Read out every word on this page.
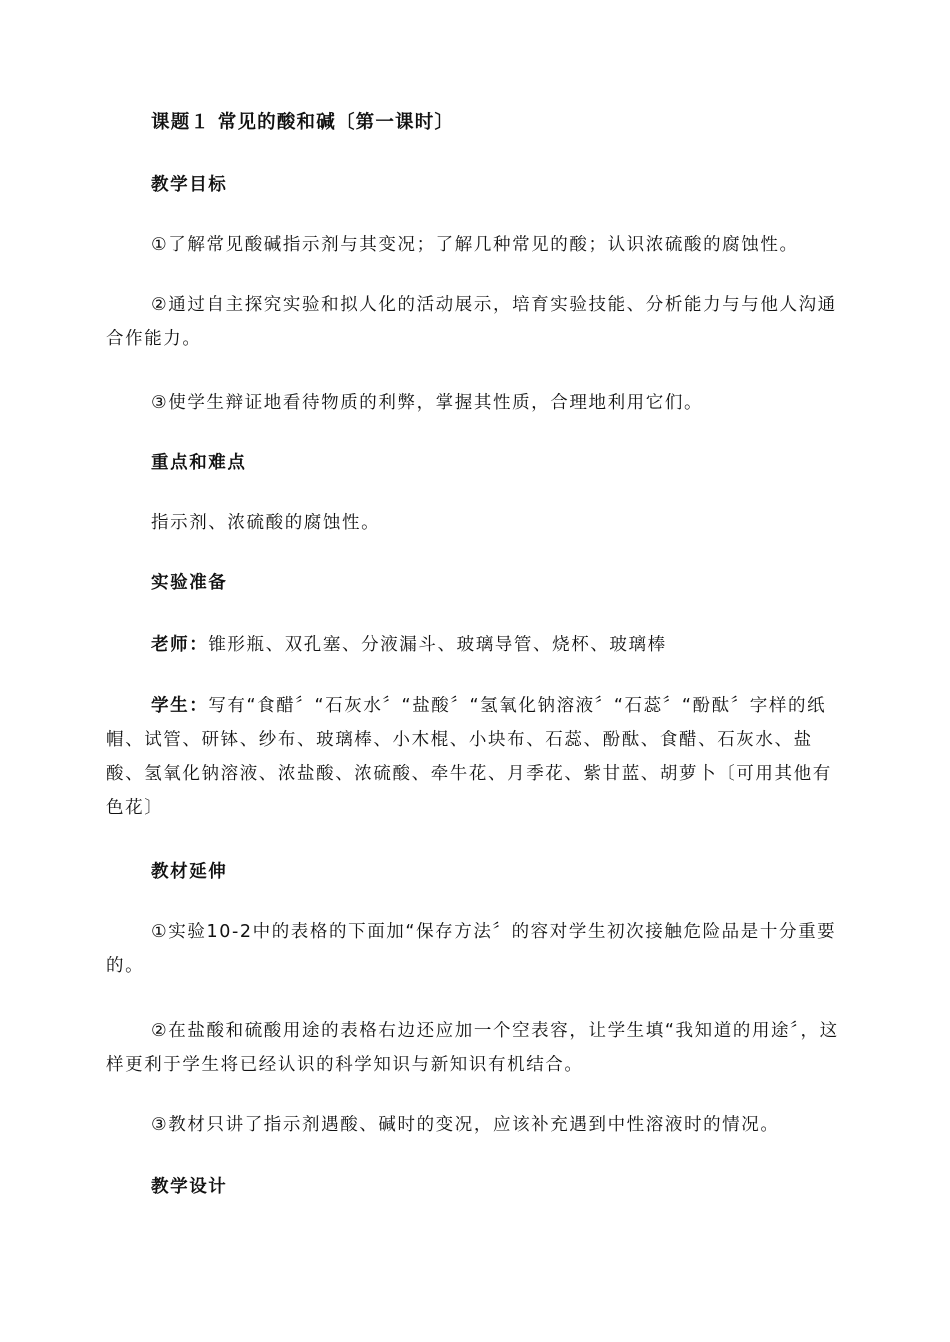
课题１ 常见的酸和碱〔第一课时〕
教学目标
①了解常见酸碱指示剂与其变况；了解几种常见的酸；认识浓硫酸的腐蚀性。
②通过自主探究实验和拟人化的活动展示，培育实验技能、分析能力与与他人沟通合作能力。
③使学生辩证地看待物质的利弊，掌握其性质，合理地利用它们。
重点和难点
指示剂、浓硫酸的腐蚀性。
实验准备
老师：锥形瓶、双孔塞、分液漏斗、玻璃导管、烧杯、玻璃棒
学生：写有“食醋〞“石灰水〞“盐酸〞“氢氧化钠溶液〞“石蕊〞“酚酞〞字样的纸帽、试管、研钵、纱布、玻璃棒、小木棍、小块布、石蕊、酚酞、食醋、石灰水、盐酸、氢氧化钠溶液、浓盐酸、浓硫酸、牵牛花、月季花、紫甘蓝、胡萝卜〔可用其他有色花〕
教材延伸
①实验10-2中的表格的下面加“保存方法〞的容对学生初次接触危险品是十分重要的。
②在盐酸和硫酸用途的表格右边还应加一个空表容，让学生填“我知道的用途〞，这样更利于学生将已经认识的科学知识与新知识有机结合。
③教材只讲了指示剂遇酸、碱时的变况，应该补充遇到中性溶液时的情况。
教学设计
